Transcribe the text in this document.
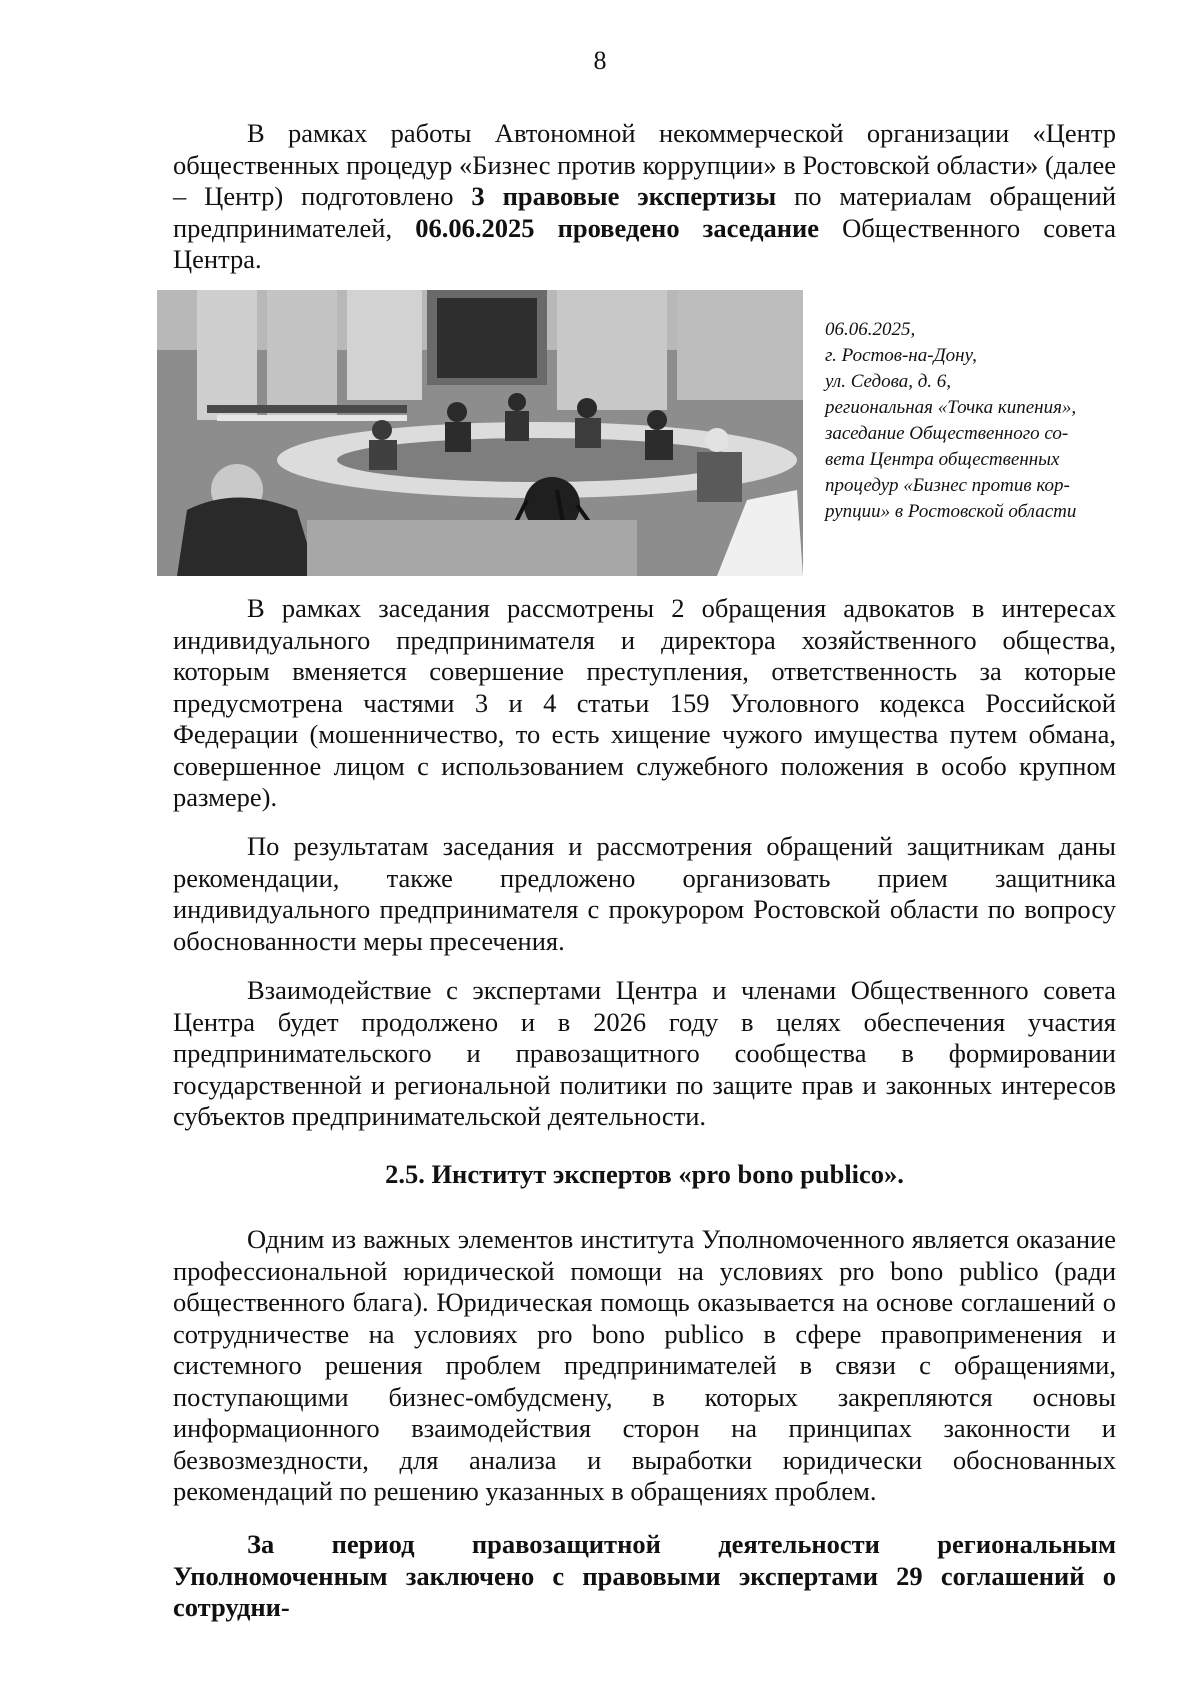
8

В рамках работы Автономной некоммерческой организации «Центр общественных процедур «Бизнес против коррупции» в Ростовской области» (далее – Центр) подготовлено 3 правовые экспертизы по материалам обращений предпринимателей, 06.06.2025 проведено заседание Общественного совета Центра.

06.06.2025,
г. Ростов-на-Дону,
ул. Седова, д. 6,
региональная «Точка кипения»,
заседание Общественного со-
вета Центра общественных
процедур «Бизнес против кор-
рупции» в Ростовской области

В рамках заседания рассмотрены 2 обращения адвокатов в интересах индивидуального предпринимателя и директора хозяйственного общества, которым вменяется совершение преступления, ответственность за которые предусмотрена частями 3 и 4 статьи 159 Уголовного кодекса Российской Федерации (мошенничество, то есть хищение чужого имущества путем обмана, совершенное лицом с использованием служебного положения в особо крупном размере).

По результатам заседания и рассмотрения обращений защитникам даны рекомендации, также предложено организовать прием защитника индивидуального предпринимателя с прокурором Ростовской области по вопросу обоснованности меры пресечения.

Взаимодействие с экспертами Центра и членами Общественного совета Центра будет продолжено и в 2026 году в целях обеспечения участия предпринимательского и правозащитного сообщества в формировании государственной и региональной политики по защите прав и законных интересов субъектов предпринимательской деятельности.

2.5. Институт экспертов «pro bono publico».

Одним из важных элементов института Уполномоченного является оказание профессиональной юридической помощи на условиях pro bono publico (ради общественного блага). Юридическая помощь оказывается на основе соглашений о сотрудничестве на условиях pro bono publico в сфере правоприменения и системного решения проблем предпринимателей в связи с обращениями, поступающими бизнес-омбудсмену, в которых закрепляются основы информационного взаимодействия сторон на принципах законности и безвозмездности, для анализа и выработки юридически обоснованных рекомендаций по решению указанных в обращениях проблем.

За период правозащитной деятельности региональным Уполномоченным заключено с правовыми экспертами 29 соглашений о сотрудни-
